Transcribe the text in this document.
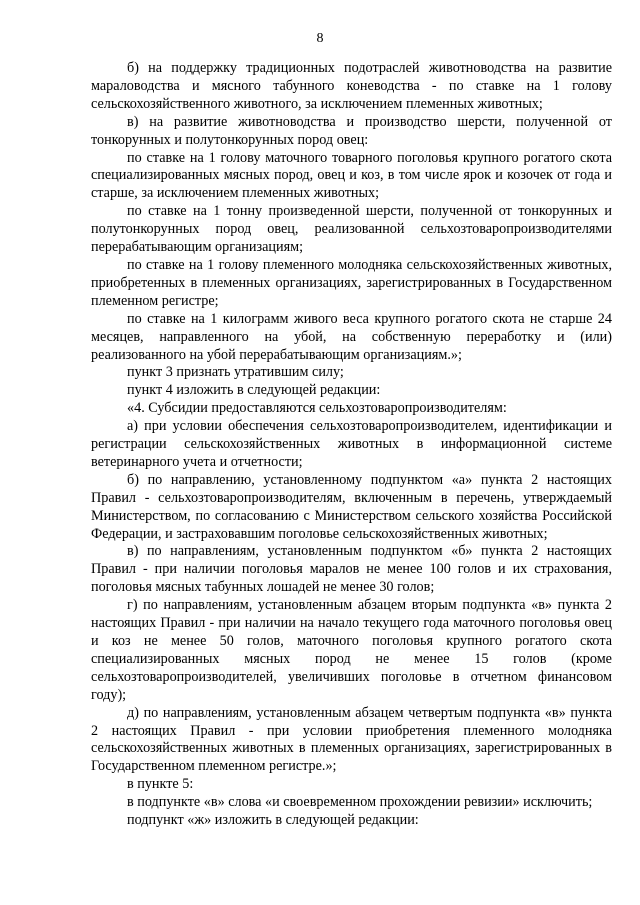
8

б) на поддержку традиционных подотраслей животноводства на развитие мараловодства и мясного табунного коневодства - по ставке на 1 голову сельскохозяйственного животного, за исключением племенных животных;

в) на развитие животноводства и производство шерсти, полученной от тонкорунных и полутонкорунных пород овец:

по ставке на 1 голову маточного товарного поголовья крупного рогатого скота специализированных мясных пород, овец и коз, в том числе ярок и козочек от года и старше, за исключением племенных животных;

по ставке на 1 тонну произведенной шерсти, полученной от тонкорунных и полутонкорунных пород овец, реализованной сельхозтоваропроизводителями перерабатывающим организациям;

по ставке на 1 голову племенного молодняка сельскохозяйственных животных, приобретенных в племенных организациях, зарегистрированных в Государственном племенном регистре;

по ставке на 1 килограмм живого веса крупного рогатого скота не старше 24 месяцев, направленного на убой, на собственную переработку и (или) реализованного на убой перерабатывающим организациям.»;

пункт 3 признать утратившим силу;

пункт 4 изложить в следующей редакции:

«4. Субсидии предоставляются сельхозтоваропроизводителям:

а) при условии обеспечения сельхозтоваропроизводителем, идентификации и регистрации сельскохозяйственных животных в информационной системе ветеринарного учета и отчетности;

б) по направлению, установленному подпунктом «а» пункта 2 настоящих Правил - сельхозтоваропроизводителям, включенным в перечень, утверждаемый Министерством, по согласованию с Министерством сельского хозяйства Российской Федерации, и застраховавшим поголовье сельскохозяйственных животных;

в) по направлениям, установленным подпунктом «б» пункта 2 настоящих Правил - при наличии поголовья маралов не менее 100 голов и их страхования, поголовья мясных табунных лошадей не менее 30 голов;

г) по направлениям, установленным абзацем вторым подпункта «в» пункта 2 настоящих Правил - при наличии на начало текущего года маточного поголовья овец и коз не менее 50 голов, маточного поголовья крупного рогатого скота специализированных мясных пород не менее 15 голов (кроме сельхозтоваропроизводителей, увеличивших поголовье в отчетном финансовом году);

д) по направлениям, установленным абзацем четвертым подпункта «в» пункта 2 настоящих Правил - при условии приобретения племенного молодняка сельскохозяйственных животных в племенных организациях, зарегистрированных в Государственном племенном регистре.»;

в пункте 5:

в подпункте «в» слова «и своевременном прохождении ревизии» исключить;

подпункт «ж» изложить в следующей редакции:
